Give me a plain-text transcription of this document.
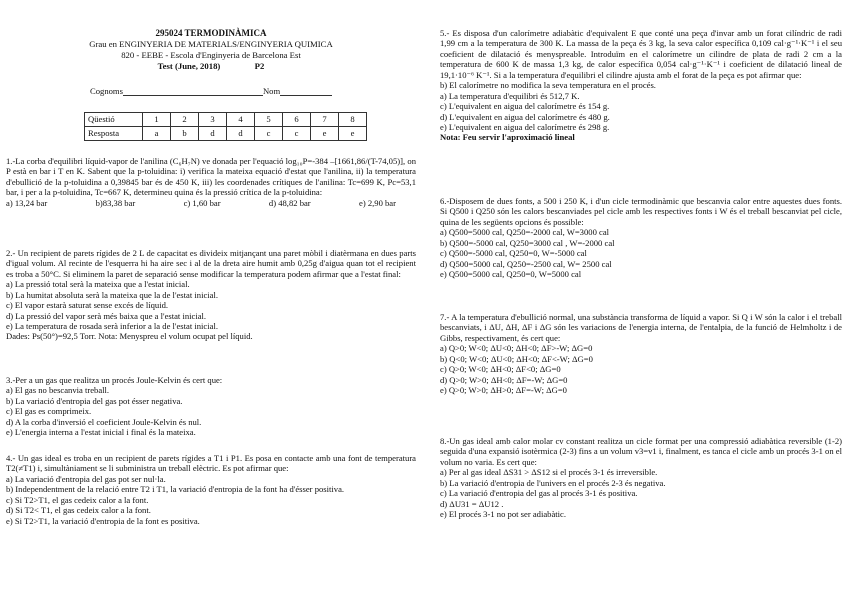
295024 TERMODINÀMICA
Grau en ENGINYERIA DE MATERIALS/ENGINYERIA QUIMICA
820 - EEBE - Escola d'Enginyeria de Barcelona Est
Test (June, 2018)	P2
Cognoms	Nom
Qüestió	1	2	3	4	5	6	7	8
Resposta	a	b	d	d	c	c	e	e

1.-La corba d'equilibri líquid-vapor de l'anilina (C₆H₇N) ve donada per l'equació log₁₀P=-384 –[1661,86/(T-74,05)], on P està en bar i T en K. Sabent que la p-toluidina: i) verifica la mateixa equació d'estat que l'anilina, ii) la temperatura d'ebullició de la p-toluidina a 0,39845 bar és de 450 K, iii) les coordenades crítiques de l'anilina: Tc=699 K, Pc=53,1 bar, i per a la p-toluidina, Tc=667 K, determineu quina és la pressió crítica de la p-toluidina:

a) 13,24 bar	b)83,38 bar	c) 1,60 bar	d) 48,82 bar	e) 2,90 bar

2.- Un recipient de parets rígides de 2 L de capacitat es divideix mitjançant una paret mòbil i diatèrmana en dues parts d'igual volum. Al recinte de l'esquerra hi ha aire sec i al de la dreta aire humit amb 0,25g d'aigua quan tot el recipient es troba a 50°C. Si eliminem la paret de separació sense modificar la temperatura podem afirmar que a l'estat final:

a) La pressió total serà la mateixa que a l'estat inicial.
b) La humitat absoluta serà la mateixa que la de l'estat inicial.
c) El vapor estarà saturat sense excés de líquid.
d) La pressió del vapor serà més baixa que a l'estat inicial.
e) La temperatura de rosada serà inferior a la de l'estat inicial.
Dades: Ps(50°)=92,5 Torr. Nota: Menyspreu el volum ocupat pel líquid.

3.-Per a un gas que realitza un procés Joule-Kelvin és cert que:

a) El gas no bescanvia treball.
b) La variació d'entropia del gas pot ésser negativa.
c) El gas es comprimeix.
d) A la corba d'inversió el coeficient Joule-Kelvin és nul.
e) L'energia interna a l'estat inicial i final és la mateixa.

4.- Un gas ideal es troba en un recipient de parets rígides a T1 i P1. Es posa en contacte amb una font de temperatura T2(≠T1) i, simultàniament se li subministra un treball elèctric. Es pot afirmar que:

a) La variació d'entropia del gas pot ser nul·la.
b) Independentment de la relació entre T2 i T1, la variació d'entropia de la font ha d'ésser positiva.
c) Si T2>T1, el gas cedeix calor a la font.
d) Si T2< T1, el gas cedeix calor a la font.
e) Si T2>T1, la variació d'entropia de la font es positiva.

5.- Es disposa d'un calorímetre adiabàtic d'equivalent E que conté una peça d'invar amb un forat cilíndric de radi 1,99 cm a la temperatura de 300 K. La massa de la peça és 3 kg, la seva calor específica 0,109 cal·g⁻¹·K⁻¹ i el seu coeficient de dilatació és menyspreable. Introduïm en el calorímetre un cilindre de plata de radi 2 cm a la temperatura de 600 K de massa 1,3 kg, de calor específica 0,054 cal·g⁻¹·K⁻¹ i coeficient de dilatació lineal de 19,1·10⁻⁶ K⁻¹. Si a la temperatura d'equilibri el cilindre ajusta amb el forat de la peça es pot afirmar que:

b) El calorímetre no modifica la seva temperatura en el procés.
a) La temperatura d'equilibri és 512,7 K.
c) L'equivalent en aigua del calorímetre és 154 g.
d) L'equivalent en aigua del calorímetre és 480 g.
e) L'equivalent en aigua del calorímetre és 298 g.
Nota: Feu servir l'aproximació lineal

6.-Disposem de dues fonts, a 500 i 250 K, i d'un cicle termodinàmic que bescanvia calor entre aquestes dues fonts. Si Q500 i Q250 són les calors bescanviades pel cicle amb les respectives fonts i W és el treball bescanviat pel cicle, quina de les següents opcions és possible:

a) Q500=5000 cal, Q250=-2000 cal, W=3000 cal
b) Q500=-5000 cal, Q250=3000 cal , W=-2000 cal
c) Q500=-5000 cal, Q250=0, W=-5000 cal
d) Q500=5000 cal, Q250=-2500 cal, W= 2500 cal
e) Q500=5000 cal, Q250=0, W=5000 cal

7.- A la temperatura d'ebullició normal, una substància transforma de líquid a vapor. Si Q i W són la calor i el treball bescanviats, i ΔU, ΔH, ΔF i ΔG són les variacions de l'energia interna, de l'entalpia, de la funció de Helmholtz i de Gibbs, respectivament, és cert que:

a) Q>0; W<0; ΔU<0; ΔH<0; ΔF>-W; ΔG=0
b) Q<0; W<0; ΔU<0; ΔH<0; ΔF<-W; ΔG=0
c) Q>0; W<0; ΔH<0; ΔF<0; ΔG=0
d) Q>0; W>0; ΔH<0; ΔF=-W; ΔG=0
e) Q>0; W>0; ΔH>0; ΔF=-W; ΔG=0

8.-Un gas ideal amb calor molar cv constant realitza un cicle format per una compressió adiabàtica reversible (1-2) seguida d'una expansió isotèrmica (2-3) fins a un volum v3=v1 i, finalment, es tanca el cicle amb un procés 3-1 on el volum no varia. Es cert que:

a) Per al gas ideal ΔS31 > ΔS12 si el procés 3-1 és irreversible.
b) La variació d'entropia de l'univers en el procés 2-3 és negativa.
c) La variació d'entropia del gas al procés 3-1 és positiva.
d) ΔU31 = ΔU12 .
e) El procés 3-1 no pot ser adiabàtic.
